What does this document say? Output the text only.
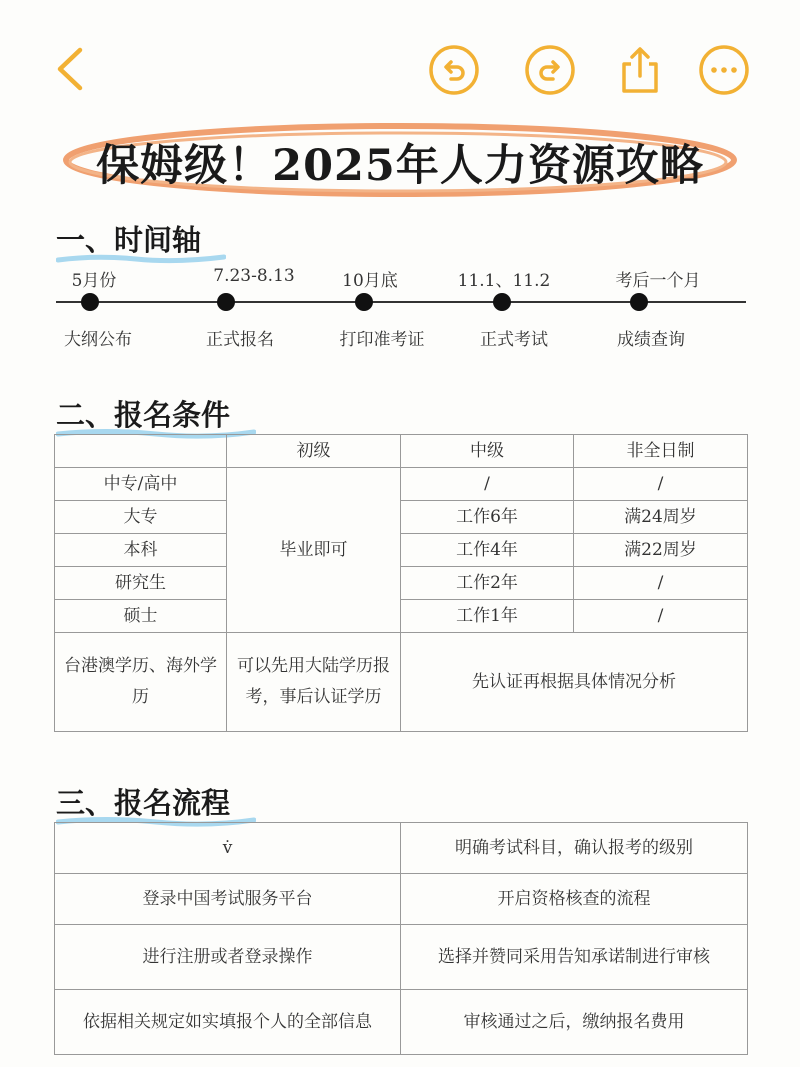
保姆级！2025年人力资源攻略
一、时间轴
5月份	7.23-8.13	10月底	11.1、11.2	考后一个月
大纲公布	正式报名	打印准考证	正式考试	成绩查询
二、报名条件
	初级	中级	非全日制
中专/高中	毕业即可	/	/
大专		工作6年	满24周岁
本科		工作4年	满22周岁
研究生		工作2年	/
硕士		工作1年	/
台港澳学历、海外学历	可以先用大陆学历报考，事后认证学历	先认证再根据具体情况分析	
三、报名流程
v̇	明确考试科目，确认报考的级别
登录中国考试服务平台	开启资格核查的流程
进行注册或者登录操作	选择并赞同采用告知承诺制进行审核
依据相关规定如实填报个人的全部信息	审核通过之后，缴纳报名费用
